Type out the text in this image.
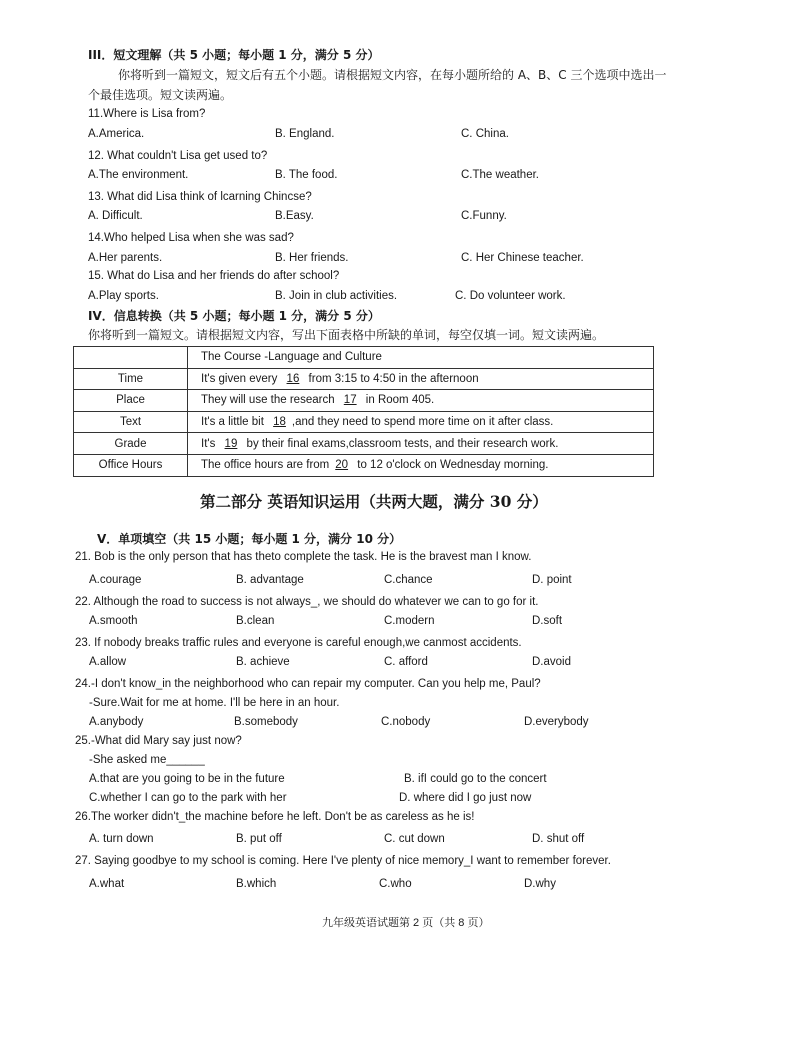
III．短文理解（共 5 小题；每小题 1 分，满分 5 分）
你将听到一篇短文，短文后有五个小题。请根据短文内容，在每小题所给的 A、B、C 三个选项中选出一
个最佳选项。短文读两遍。
11.Where is Lisa from?
A.America.	B. England.	C. China.
12. What couldn't Lisa get used to?
A.The environment.	B. The food.	C.The weather.
13. What did Lisa think of lcarning Chincse?
A. Difficult.	B.Easy.	C.Funny.
14.Who helped Lisa when she was sad?
A.Her parents.	B. Her friends.	C. Her Chinese teacher.
15. What do Lisa and her friends do after school?
A.Play sports.	B. Join in club activities.	C. Do volunteer work.
IV．信息转换（共 5 小题；每小题 1 分，满分 5 分）
你将听到一篇短文。请根据短文内容，写出下面表格中所缺的单词，每空仅填一词。短文读两遍。
	The Course -Language and Culture
Time	It's given every 16 from 3:15 to 4:50 in the afternoon
Place	They will use the research 17 in Room 405.
Text	It's a little bit 18 ,and they need to spend more time on it after class.
Grade	It's 19 by their final exams,classroom tests, and their research work.
Office Hours	The office hours are from 20 to 12 o'clock on Wednesday morning.
第二部分 英语知识运用（共两大题，满分 30 分）
V．单项填空（共 15 小题；每小题 1 分，满分 10 分）
21. Bob is the only person that has theto complete the task. He is the bravest man I know.
A.courage	B. advantage	C.chance	D. point
22. Although the road to success is not always_, we should do whatever we can to go for it.
A.smooth	B.clean	C.modern	D.soft
23. If nobody breaks traffic rules and everyone is careful enough,we canmost accidents.
A.allow	B. achieve	C. afford	D.avoid
24.-I don't know_in the neighborhood who can repair my computer. Can you help me, Paul?
-Sure.Wait for me at home. I'll be here in an hour.
A.anybody	B.somebody	C.nobody	D.everybody
25.-What did Mary say just now?
-She asked me______
A.that are you going to be in the future	B. ifI could go to the concert
C.whether I can go to the park with her	D. where did I go just now
26.The worker didn't_the machine before he left. Don't be as careless as he is!
A. turn down	B. put off	C. cut down	D. shut off
27. Saying goodbye to my school is coming. Here I've plenty of nice memory_I want to remember forever.
A.what	B.which	C.who	D.why
九年级英语试题第 2 页（共 8 页）
